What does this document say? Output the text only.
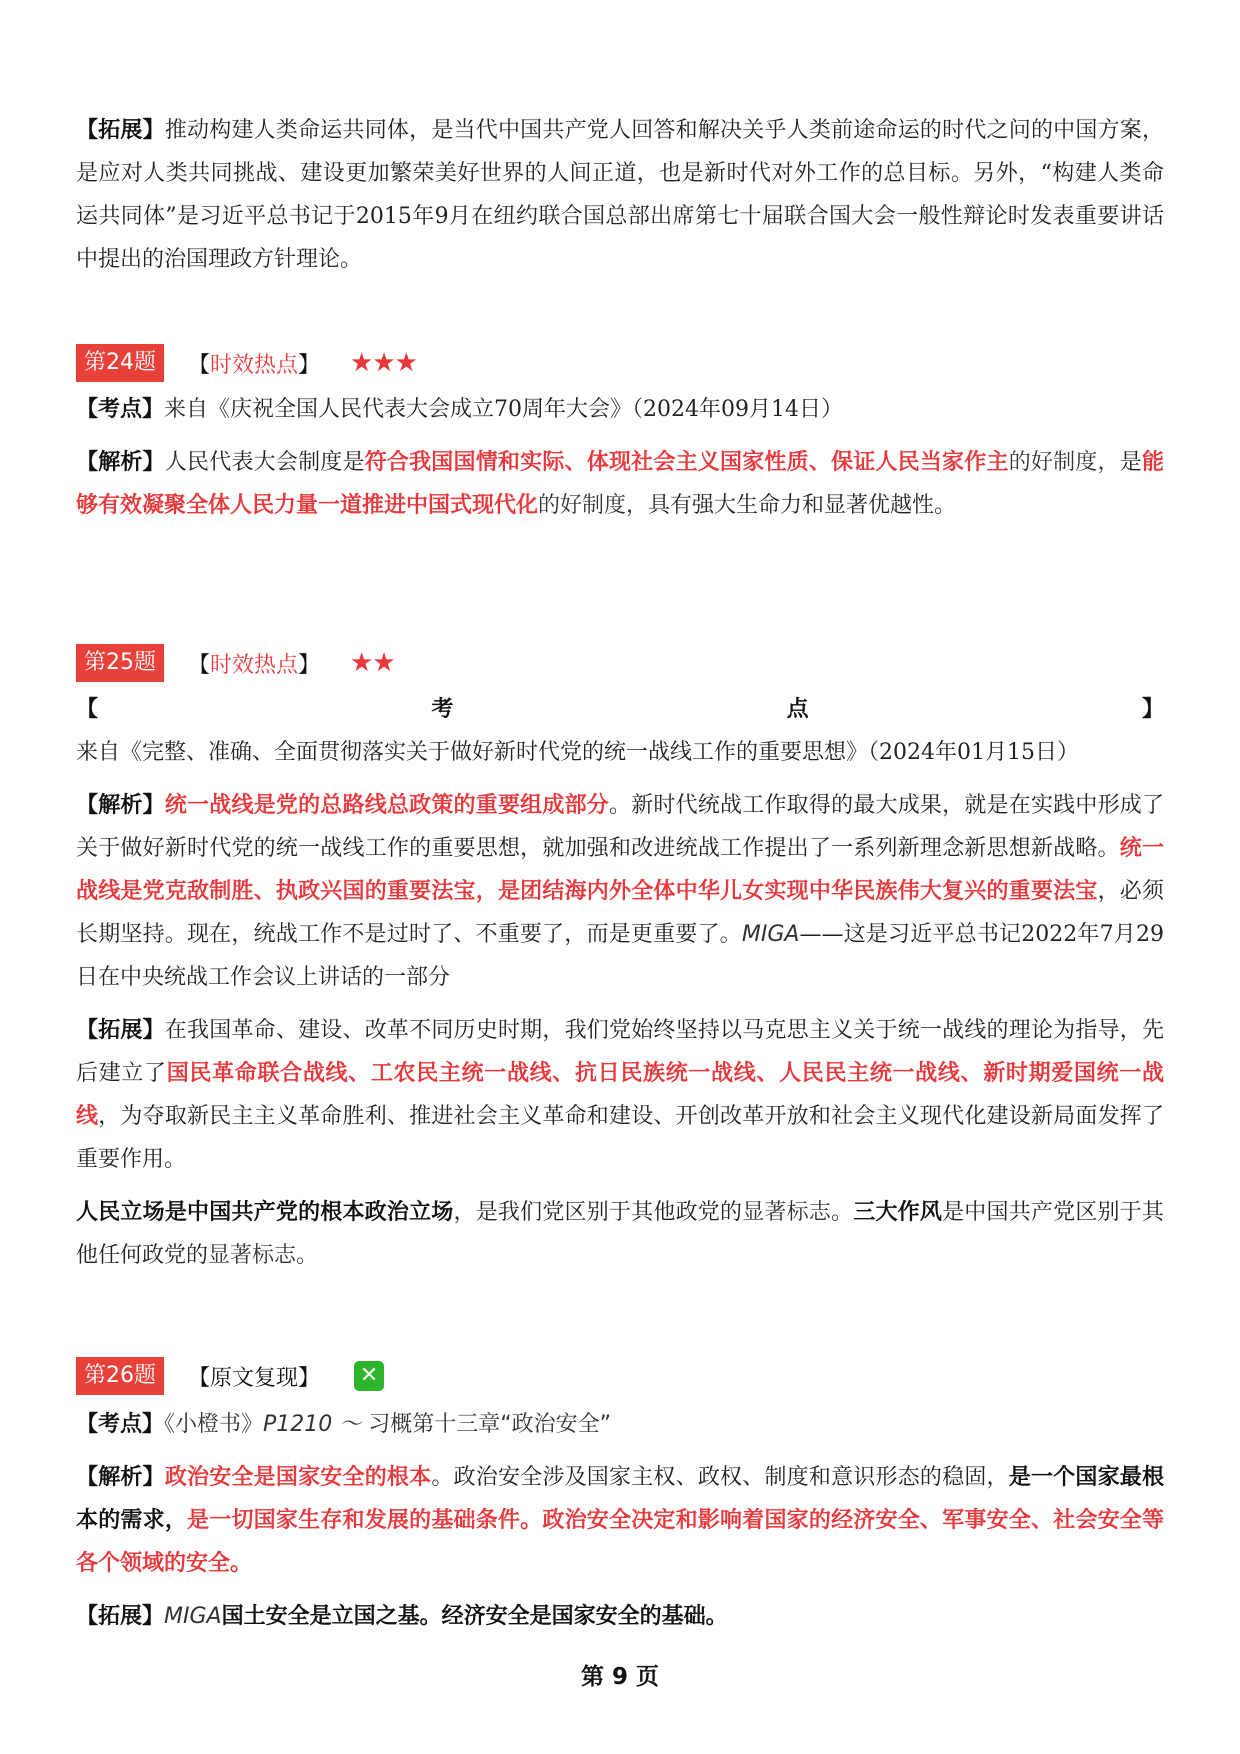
【拓展】推动构建人类命运共同体，是当代中国共产党人回答和解决关乎人类前途命运的时代之问的中国方案，是应对人类共同挑战、建设更加繁荣美好世界的人间正道，也是新时代对外工作的总目标。另外，“构建人类命运共同体”是习近平总书记于2015年9月在纽约联合国总部出席第七十届联合国大会一般性辩论时发表重要讲话中提出的治国理政方针理论。

第24题	【时效热点】 ★★★

【考点】来自《庆祝全国人民代表大会成立70周年大会》（2024年09月14日）

【解析】人民代表大会制度是符合我国国情和实际、体现社会主义国家性质、保证人民当家作主的好制度，是能够有效凝聚全体人民力量一道推进中国式现代化的好制度，具有强大生命力和显著优越性。

第25题	【时效热点】 ★★

【考点】来自《完整、准确、全面贯彻落实关于做好新时代党的统一战线工作的重要思想》（2024年01月15日）

【解析】统一战线是党的总路线总政策的重要组成部分。新时代统战工作取得的最大成果，就是在实践中形成了关于做好新时代党的统一战线工作的重要思想，就加强和改进统战工作提出了一系列新理念新思想新战略。统一战线是党克敌制胜、执政兴国的重要法宝，是团结海内外全体中华儿女实现中华民族伟大复兴的重要法宝，必须长期坚持。现在，统战工作不是过时了、不重要了，而是更重要了。MIGA——这是习近平总书记2022年7月29日在中央统战工作会议上讲话的一部分

【拓展】在我国革命、建设、改革不同历史时期，我们党始终坚持以马克思主义关于统一战线的理论为指导，先后建立了国民革命联合战线、工农民主统一战线、抗日民族统一战线、人民民主统一战线、新时期爱国统一战线，为夺取新民主主义革命胜利、推进社会主义革命和建设、开创改革开放和社会主义现代化建设新局面发挥了重要作用。

人民立场是中国共产党的根本政治立场，是我们党区别于其他政党的显著标志。三大作风是中国共产党区别于其他任何政党的显著标志。

第26题	【原文复现】 ✕

【考点】《小橙书》P1210 ～ 习概第十三章“政治安全”

【解析】政治安全是国家安全的根本。政治安全涉及国家主权、政权、制度和意识形态的稳固，是一个国家最根本的需求，是一切国家生存和发展的基础条件。政治安全决定和影响着国家的经济安全、军事安全、社会安全等各个领域的安全。

【拓展】MIGA国土安全是立国之基。经济安全是国家安全的基础。

第 9 页
